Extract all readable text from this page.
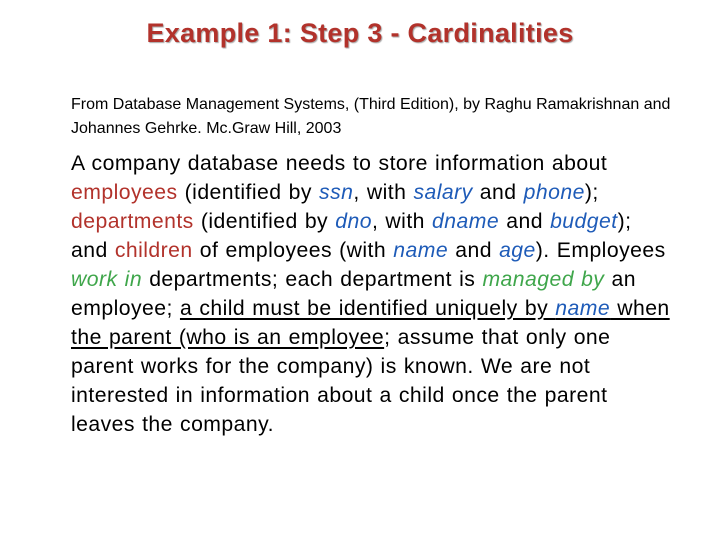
Example 1: Step 3 - Cardinalities
From Database Management Systems, (Third Edition), by Raghu Ramakrishnan and Johannes Gehrke. Mc.Graw Hill, 2003
A company database needs to store information about employees (identified by ssn, with salary and phone); departments (identified by dno, with dname and budget); and children of employees (with name and age). Employees work in departments; each department is managed by an employee; a child must be identified uniquely by name when the parent (who is an employee; assume that only one parent works for the company) is known. We are not interested in information about a child once the parent leaves the company.
